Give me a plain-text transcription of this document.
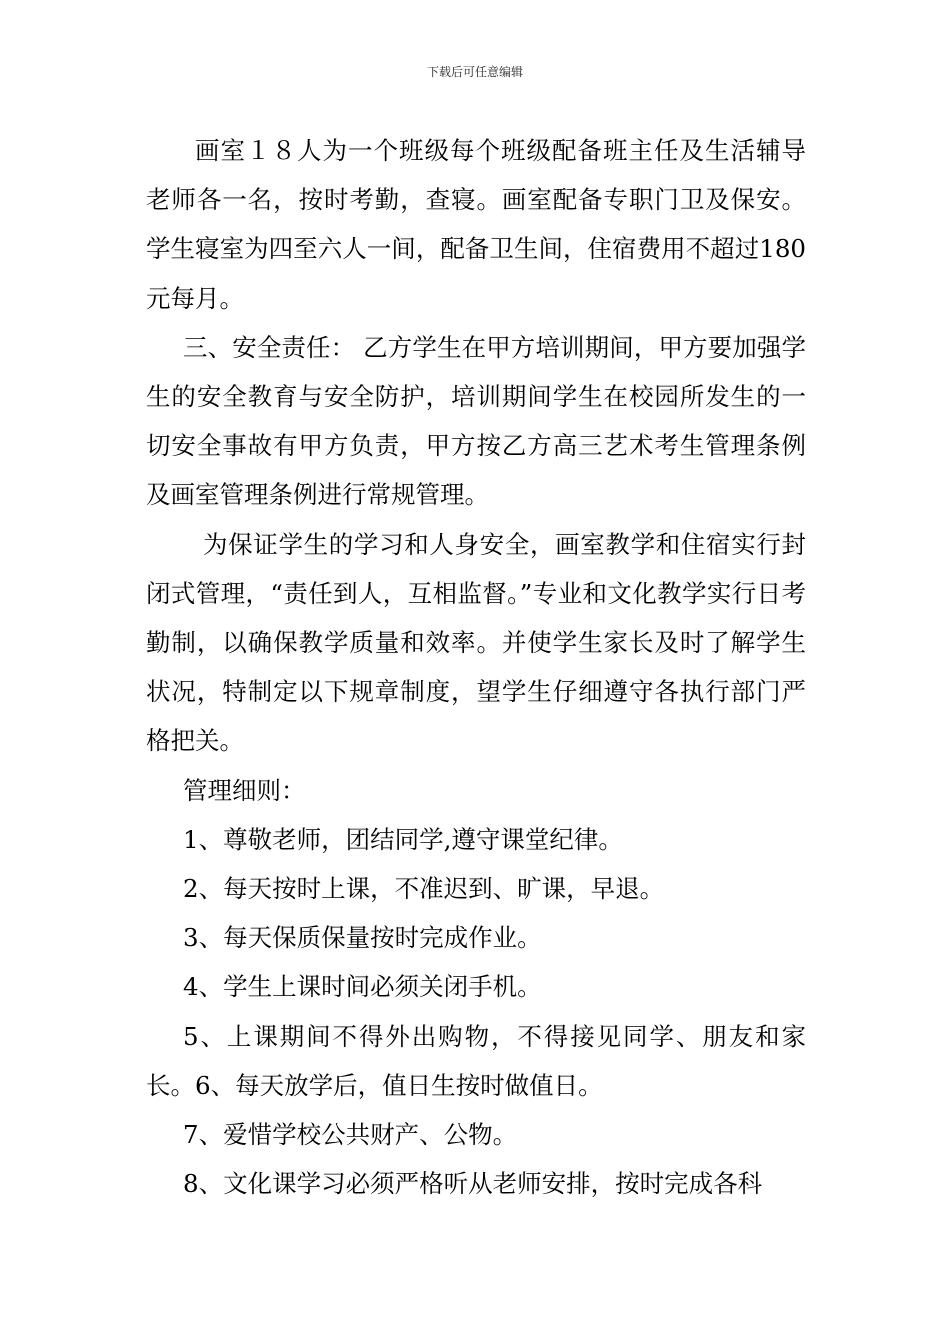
下载后可任意编辑

画室１８人为一个班级每个班级配备班主任及生活辅导老师各一名，按时考勤，查寝。画室配备专职门卫及保安。学生寝室为四至六人一间，配备卫生间，住宿费用不超过180元每月。

三、安全责任： 乙方学生在甲方培训期间，甲方要加强学生的安全教育与安全防护，培训期间学生在校园所发生的一切安全事故有甲方负责，甲方按乙方高三艺术考生管理条例及画室管理条例进行常规管理。

为保证学生的学习和人身安全，画室教学和住宿实行封闭式管理，“责任到人，互相监督。”专业和文化教学实行日考勤制，以确保教学质量和效率。并使学生家长及时了解学生状况，特制定以下规章制度，望学生仔细遵守各执行部门严格把关。

管理细则：

1、尊敬老师，团结同学,遵守课堂纪律。

2、每天按时上课，不准迟到、旷课，早退。

3、每天保质保量按时完成作业。

4、学生上课时间必须关闭手机。

5、上课期间不得外出购物，不得接见同学、朋友和家长。6、每天放学后，值日生按时做值日。

7、爱惜学校公共财产、公物。

8、文化课学习必须严格听从老师安排，按时完成各科
